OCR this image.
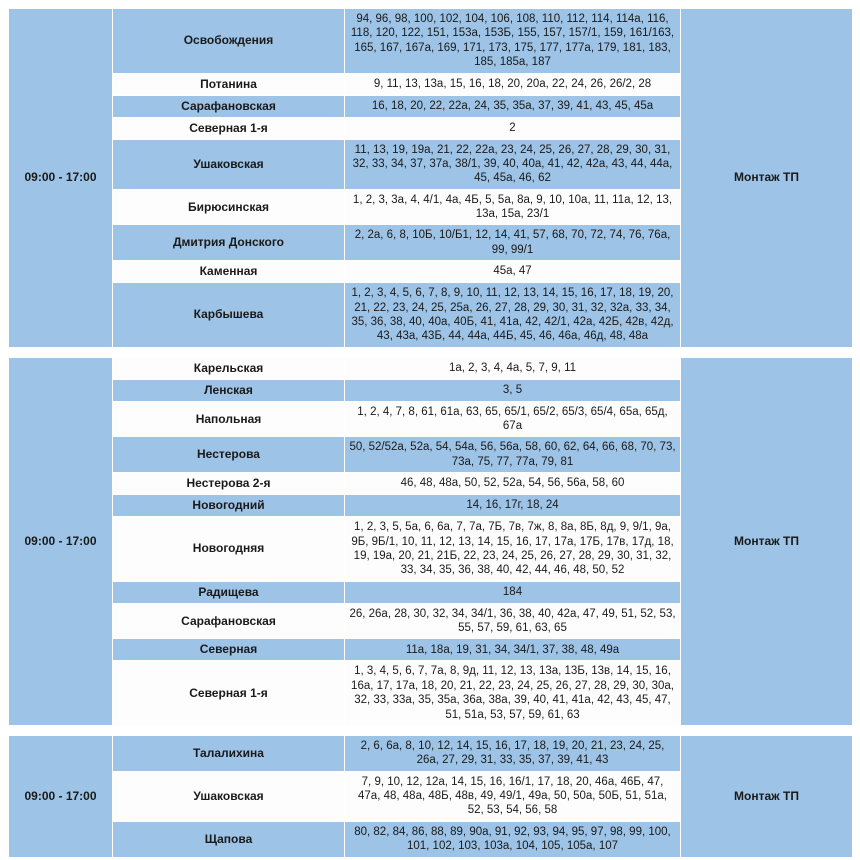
09:00 - 17:00	Освобождения	94, 96, 98, 100, 102, 104, 106, 108, 110, 112, 114, 114а, 116, 118, 120, 122, 151, 153а, 153Б, 155, 157, 157/1, 159, 161/163, 165, 167, 167а, 169, 171, 173, 175, 177, 177а, 179, 181, 183, 185, 185а, 187	Монтаж ТП
	Потанина	9, 11, 13, 13а, 15, 16, 18, 20, 20а, 22, 24, 26, 26/2, 28	
	Сарафановская	16, 18, 20, 22, 22а, 24, 35, 35а, 37, 39, 41, 43, 45, 45а	
	Северная 1-я	2	
	Ушаковская	11, 13, 19, 19а, 21, 22, 22а, 23, 24, 25, 26, 27, 28, 29, 30, 31, 32, 33, 34, 37, 37а, 38/1, 39, 40, 40а, 41, 42, 42а, 43, 44, 44а, 45, 45а, 46, 62	
	Бирюсинская	1, 2, 3, 3а, 4, 4/1, 4а, 4Б, 5, 5а, 8а, 9, 10, 10а, 11, 11а, 12, 13, 13а, 15а, 23/1	
	Дмитрия Донского	2, 2а, 6, 8, 10Б, 10/Б1, 12, 14, 41, 57, 68, 70, 72, 74, 76, 76а, 99, 99/1	
	Каменная	45а, 47	
	Карбышева	1, 2, 3, 4, 5, 6, 7, 8, 9, 10, 11, 12, 13, 14, 15, 16, 17, 18, 19, 20, 21, 22, 23, 24, 25, 25а, 26, 27, 28, 29, 30, 31, 32, 32а, 33, 34, 35, 36, 38, 40, 40а, 40Б, 41, 41а, 42, 42/1, 42а, 42Б, 42в, 42д, 43, 43а, 43Б, 44, 44а, 44Б, 45, 46, 46а, 46д, 48, 48а	

09:00 - 17:00	Карельская	1а, 2, 3, 4, 4а, 5, 7, 9, 11	Монтаж ТП
	Ленская	3, 5	
	Напольная	1, 2, 4, 7, 8, 61, 61а, 63, 65, 65/1, 65/2, 65/3, 65/4, 65а, 65д, 67а	
	Нестерова	50, 52/52а, 52а, 54, 54а, 56, 56а, 58, 60, 62, 64, 66, 68, 70, 73, 73а, 75, 77, 77а, 79, 81	
	Нестерова 2-я	46, 48, 48а, 50, 52, 52а, 54, 56, 56а, 58, 60	
	Новогодний	14, 16, 17г, 18, 24	
	Новогодняя	1, 2, 3, 5, 5а, 6, 6а, 7, 7а, 7Б, 7в, 7ж, 8, 8а, 8Б, 8д, 9, 9/1, 9а, 9Б, 9Б/1, 10, 11, 12, 13, 14, 15, 16, 17, 17а, 17Б, 17в, 17д, 18, 19, 19а, 20, 21, 21Б, 22, 23, 24, 25, 26, 27, 28, 29, 30, 31, 32, 33, 34, 35, 36, 38, 40, 42, 44, 46, 48, 50, 52	
	Радищева	184	
	Сарафановская	26, 26а, 28, 30, 32, 34, 34/1, 36, 38, 40, 42а, 47, 49, 51, 52, 53, 55, 57, 59, 61, 63, 65	
	Северная	11а, 18а, 19, 31, 34, 34/1, 37, 38, 48, 49а	
	Северная 1-я	1, 3, 4, 5, 6, 7, 7а, 8, 9д, 11, 12, 13, 13а, 13Б, 13в, 14, 15, 16, 16а, 17, 17а, 18, 20, 21, 22, 23, 24, 25, 26, 27, 28, 29, 30, 30а, 32, 33, 33а, 35, 35а, 36а, 38а, 39, 40, 41, 41а, 42, 43, 45, 47, 51, 51а, 53, 57, 59, 61, 63	

09:00 - 17:00	Талалихина	2, 6, 6а, 8, 10, 12, 14, 15, 16, 17, 18, 19, 20, 21, 23, 24, 25, 26а, 27, 29, 31, 33, 35, 37, 39, 41, 43	Монтаж ТП
	Ушаковская	7, 9, 10, 12, 12а, 14, 15, 16, 16/1, 17, 18, 20, 46а, 46Б, 47, 47а, 48, 48а, 48Б, 48в, 49, 49/1, 49а, 50, 50а, 50Б, 51, 51а, 52, 53, 54, 56, 58	
	Щапова	80, 82, 84, 86, 88, 89, 90а, 91, 92, 93, 94, 95, 97, 98, 99, 100, 101, 102, 103, 103а, 104, 105, 105а, 107	
